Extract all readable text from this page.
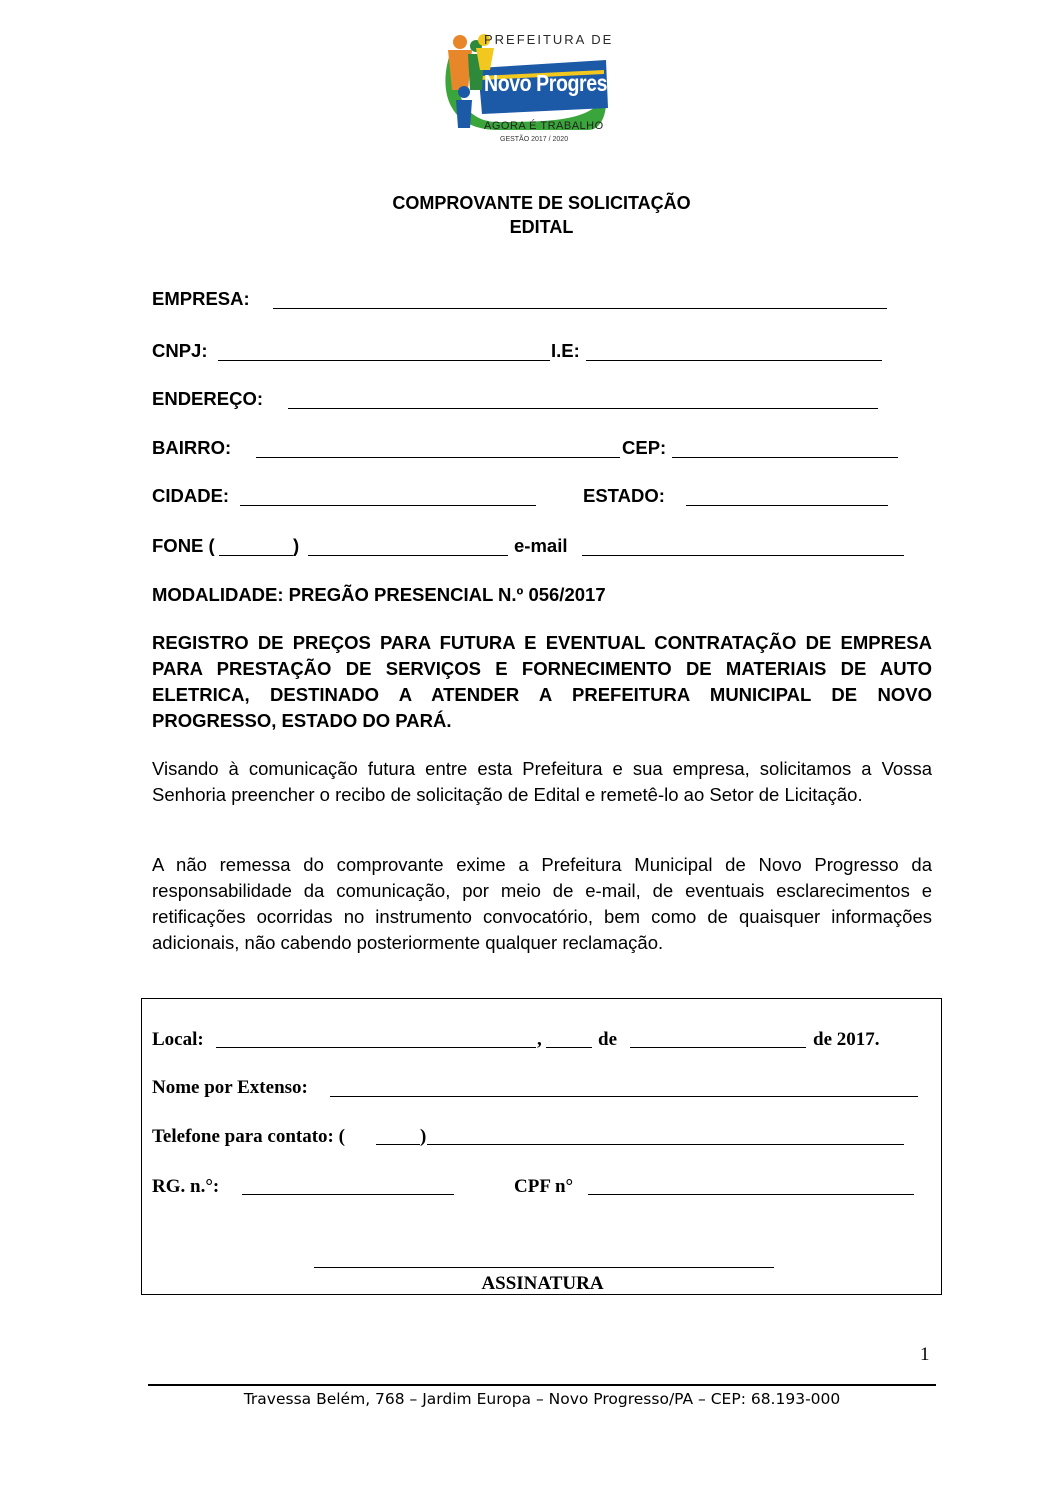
PREFEITURA DE
Novo Progresso
AGORA É TRABALHO
GESTÃO 2017 / 2020
COMPROVANTE DE SOLICITAÇÃO
EDITAL
EMPRESA:
CNPJ:	I.E:
ENDEREÇO:
BAIRRO:	CEP:
CIDADE:	ESTADO:
FONE (	)	e-mail
MODALIDADE: PREGÃO PRESENCIAL N.º 056/2017
REGISTRO DE PREÇOS PARA FUTURA E EVENTUAL CONTRATAÇÃO DE EMPRESA PARA PRESTAÇÃO DE SERVIÇOS E FORNECIMENTO DE MATERIAIS DE AUTO ELETRICA, DESTINADO A ATENDER A PREFEITURA MUNICIPAL DE NOVO PROGRESSO, ESTADO DO PARÁ.
Visando à comunicação futura entre esta Prefeitura e sua empresa, solicitamos a Vossa Senhoria preencher o recibo de solicitação de Edital e remetê-lo ao Setor de Licitação.
A não remessa do comprovante exime a Prefeitura Municipal de Novo Progresso da responsabilidade da comunicação, por meio de e-mail, de eventuais esclarecimentos e retificações ocorridas no instrumento convocatório, bem como de quaisquer informações adicionais, não cabendo posteriormente qualquer reclamação.
Local:	,	de	de 2017.
Nome por Extenso:
Telefone para contato: (	)
RG. n.°:	CPF n°
ASSINATURA
1
Travessa Belém, 768 – Jardim Europa – Novo Progresso/PA – CEP: 68.193-000
